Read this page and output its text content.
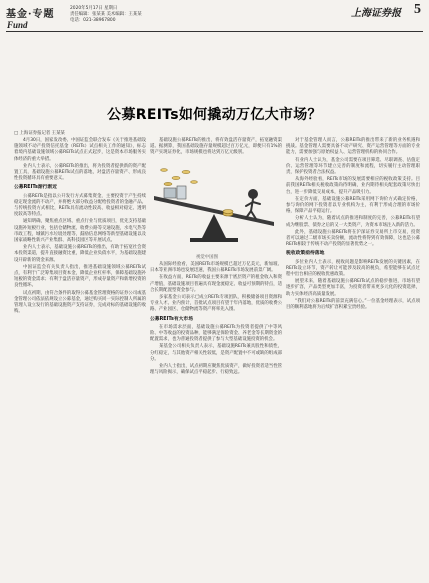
基金·专题
Fund
2020年5月17日 星期日
责任编辑：张某某 美术编辑：王某某
电话：021-38967800
上海证券报 5
公募REITs如何撬动万亿大市场？
□ 上海证券报记者 王某某

4月30日，国家发改委、中国证监会联合发布《关于推进基础设施领域不动产投资信托基金（REITs）试点相关工作的通知》，标志着境内基础设施领域公募REITs试点正式起步，这是资本市场服务实体经济的重大举措。

业内人士表示，公募REITs的推出，将为投资者提供新的资产配置工具，基础设施公募REITs试点的落地，对盘活存量资产、形成良性投资循环具有重要意义。

公募REITs渐行渐近

公募REITs是指以公开发行方式募集资金，主要投资于产生持续稳定现金流的不动产，并将绝大部分收益分配给投资者的金融产品。与传统投资方式相比，REITs具有流动性较高、收益相对稳定、透明度较高等特点。

通知明确，聚焦重点区域、重点行业与优质项目，优先支持基础设施补短板行业，包括仓储物流、收费公路等交通设施，水电气热等市政工程，城镇污水垃圾处理等，鼓励信息网络等新型基础设施以及国家战略性新兴产业集群、高科技园区等开展试点。

业内人士表示，基础设施公募REITs的推出，有助于拓宽社会资本投资渠道，提升直接融资比重，降低企业负债水平，为基础设施建设开辟新的资金来源。

中国证监会有关负责人指出，推进基础设施领域公募REITs试点，有利于广泛筹集项目资本金，降低企业杠杆率，保障基础设施补短板的资金需求；有利于盘活存量资产，形成存量资产和新增投资的良性循环。

试点初期，由符合条件的取得公募基金管理资格的证券公司或基金管理公司依法依规设立公募基金，通过购买同一实际控制人所属的管理人设立发行的基础设施资产支持证券，完成对标的基础设施的收购。

视觉中国图

基础设施公募REITs的推出，将有效盘活存量资产，拓宽融资渠道。据测算，我国基础设施存量规模超过百万亿元，即便只有1%的资产实现证券化，市场规模也将达到万亿元级别。

从国际经验看，美国REITs市场规模已超过万亿美元，新加坡、日本等亚洲市场也发展迅速，我国公募REITs市场发展前景广阔。

在收益方面，REITs的收益主要来源于底层资产的租金收入和资产增值，基础设施项目普遍具有现金流稳定、收益可预期的特点，适合长期配置型资金参与。

多家基金公司表示已成立REITs专项团队，积极储备项目资源和专业人才。业内预计，首批试点项目有望于年内落地，优质的收费公路、产业园区、仓储物流等资产将率先入围。

公募REITs有大市场

在市场需求层面，基础设施公募REITs为投资者提供了中等风险、中等收益的投资品种，能够满足保险资金、养老金等长期资金的配置需求，也为普通投资者提供了参与大型基础设施投资的机会。

某基金公司相关负责人表示，基础设施REITs兼具股性和债性，分红稳定，与其他资产相关性较低，是资产配置中不可或缺的组成部分。

业内人士指出，试点初期应聚焦优质资产，做好投资者适当性管理与风险揭示，确保试点平稳起步、行稳致远。

对于基金管理人而言，公募REITs的推出带来了新的业务机遇和挑战。基金管理人需要具备不动产研究、资产运营管理等方面的专业能力，需要加强与原始权益人、运营管理机构的协同合作。

有业内人士认为，基金公司需要在项目筛选、尽职调查、估值定价、运营管理等环节建立完善的制度和流程，切实履行主动管理职责，保护投资者合法权益。

从海外经验看，REITs市场的发展需要相应的税收政策支持。目前我国REITs相关税收政策尚待明确，业内期待相关配套政策尽快出台，进一步降低交易成本，提升产品吸引力。

在定价方面，基础设施公募REITs采用网下询价方式确定价格，参与询价的网下投资者以专业机构为主，有利于形成合理的市场价格，保障产品平稳运行。

分析人士认为，随着试点的推进和制度的完善，公募REITs有望成为继股票、债券之后的又一大类资产，为资本市场注入新的活力。

此外，基础设施公募REITs将在沪深证券交易所上市交易，投资者可以通过二级市场买卖份额，流动性将得到有效保障，这也是公募REITs相较于传统不动产投资的显著优势之一。

税收政策亟待落地

多位业内人士表示，税收问题是影响REITs发展的关键因素，在REITs设立环节，资产转让可能涉及较高的税负，希望能够在试点过程中出台相应的税收优惠政策。

展望未来，随着基础设施公募REITs试点的稳步推进，市场有望逐步扩容，产品类型更加丰富，为投资者带来更多元化的投资选择，助力实体经济高质量发展。

“我们对公募REITs的前景充满信心。”一位基金经理表示，试点项目的顺利落地将为后续扩容积累宝贵经验。
